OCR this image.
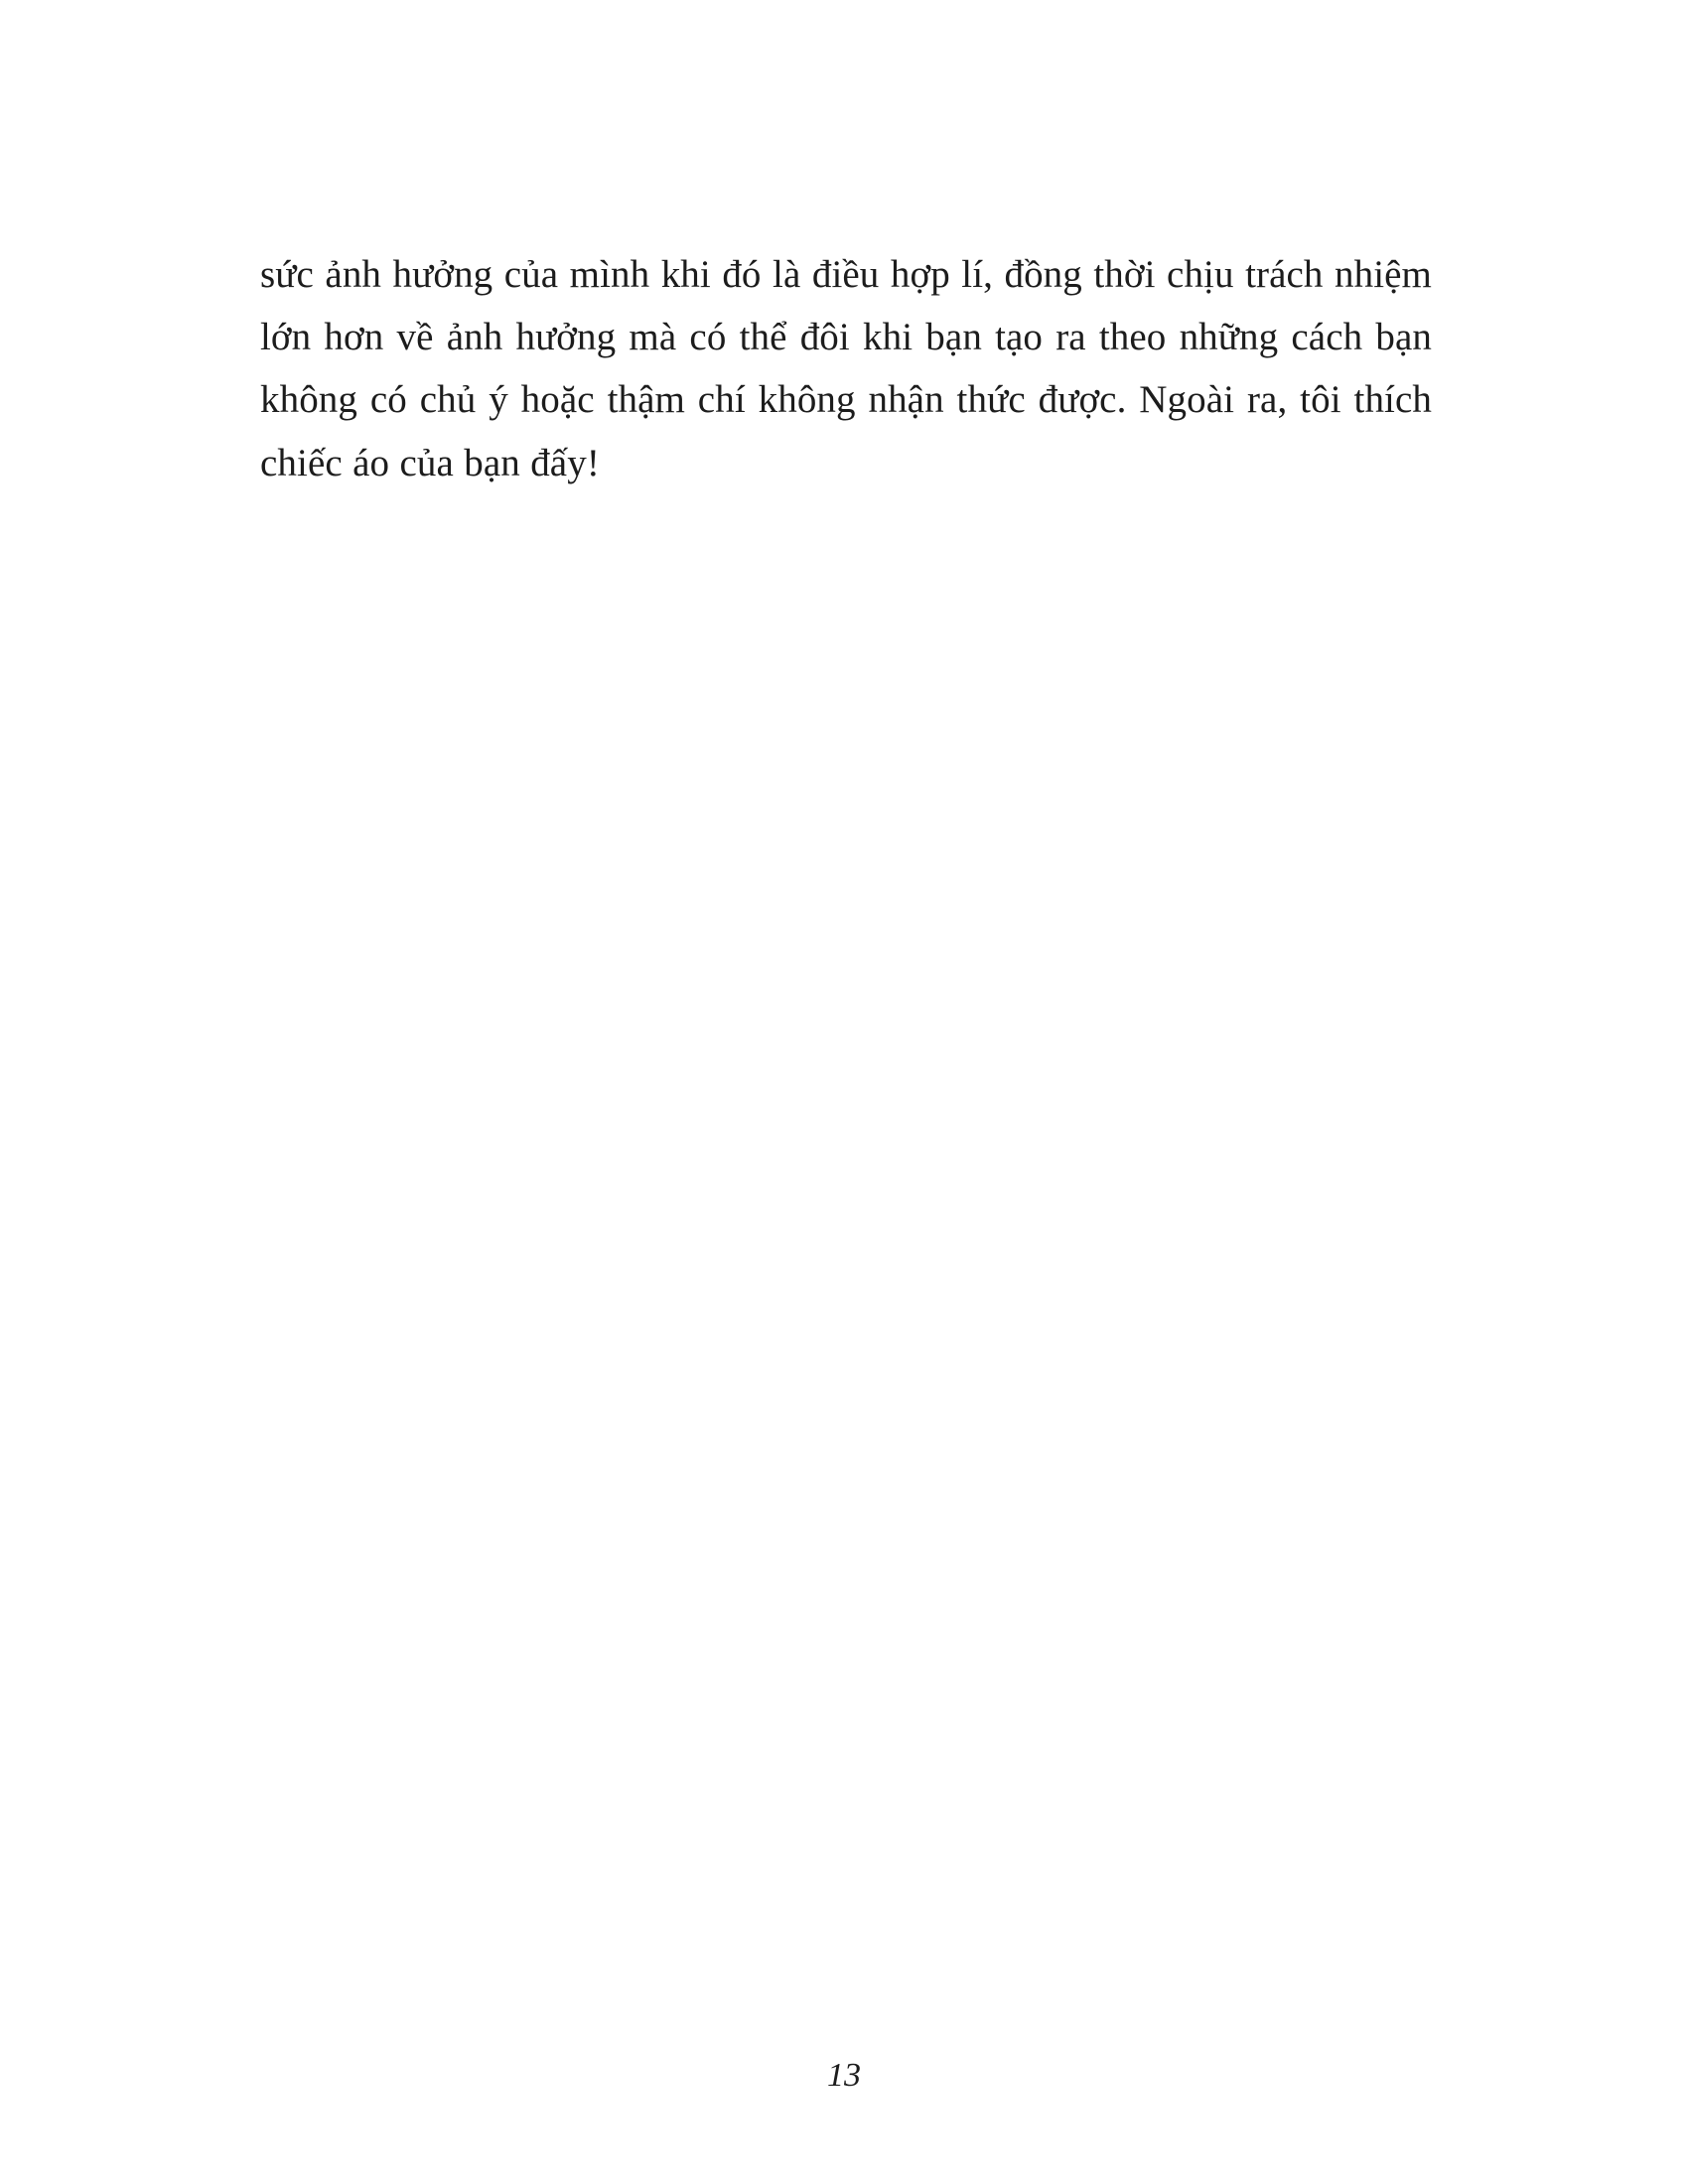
sức ảnh hưởng của mình khi đó là điều hợp lí, đồng thời chịu trách nhiệm lớn hơn về ảnh hưởng mà có thể đôi khi bạn tạo ra theo những cách bạn không có chủ ý hoặc thậm chí không nhận thức được. Ngoài ra, tôi thích chiếc áo của bạn đấy!

13
